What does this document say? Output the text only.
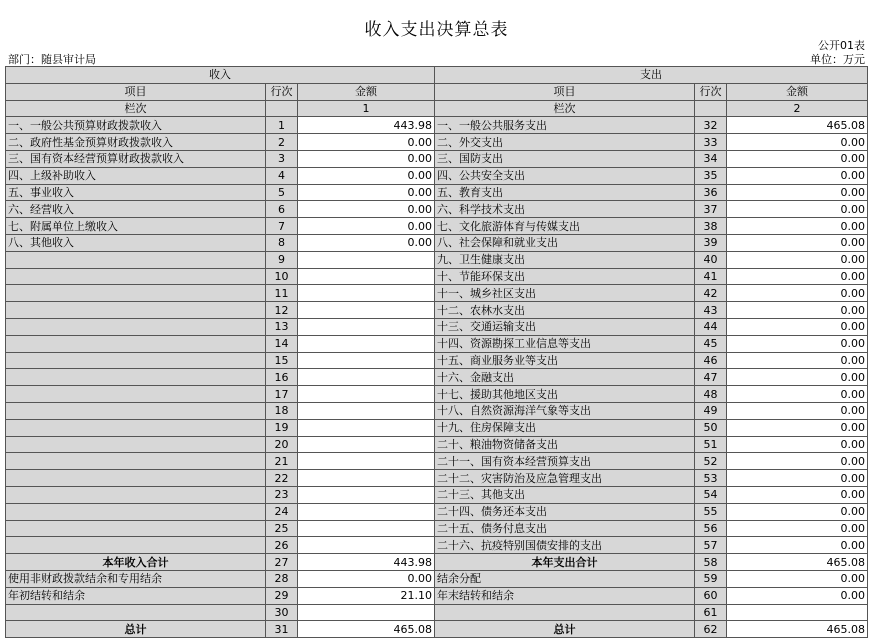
收入支出决算总表
公开01表
部门：随县审计局	单位：万元
收入			支出		
项目	行次	金额	项目	行次	金额
栏次		1	栏次		2
一、一般公共预算财政拨款收入	1	443.98	一、一般公共服务支出	32	465.08
二、政府性基金预算财政拨款收入	2	0.00	二、外交支出	33	0.00
三、国有资本经营预算财政拨款收入	3	0.00	三、国防支出	34	0.00
四、上级补助收入	4	0.00	四、公共安全支出	35	0.00
五、事业收入	5	0.00	五、教育支出	36	0.00
六、经营收入	6	0.00	六、科学技术支出	37	0.00
七、附属单位上缴收入	7	0.00	七、文化旅游体育与传媒支出	38	0.00
八、其他收入	8	0.00	八、社会保障和就业支出	39	0.00
	9		九、卫生健康支出	40	0.00
	10		十、节能环保支出	41	0.00
	11		十一、城乡社区支出	42	0.00
	12		十二、农林水支出	43	0.00
	13		十三、交通运输支出	44	0.00
	14		十四、资源勘探工业信息等支出	45	0.00
	15		十五、商业服务业等支出	46	0.00
	16		十六、金融支出	47	0.00
	17		十七、援助其他地区支出	48	0.00
	18		十八、自然资源海洋气象等支出	49	0.00
	19		十九、住房保障支出	50	0.00
	20		二十、粮油物资储备支出	51	0.00
	21		二十一、国有资本经营预算支出	52	0.00
	22		二十二、灾害防治及应急管理支出	53	0.00
	23		二十三、其他支出	54	0.00
	24		二十四、债务还本支出	55	0.00
	25		二十五、债务付息支出	56	0.00
	26		二十六、抗疫特别国债安排的支出	57	0.00
本年收入合计	27	443.98	本年支出合计	58	465.08
使用非财政拨款结余和专用结余	28	0.00	结余分配	59	0.00
年初结转和结余	29	21.10	年末结转和结余	60	0.00
	30			61	
总计	31	465.08	总计	62	465.08
